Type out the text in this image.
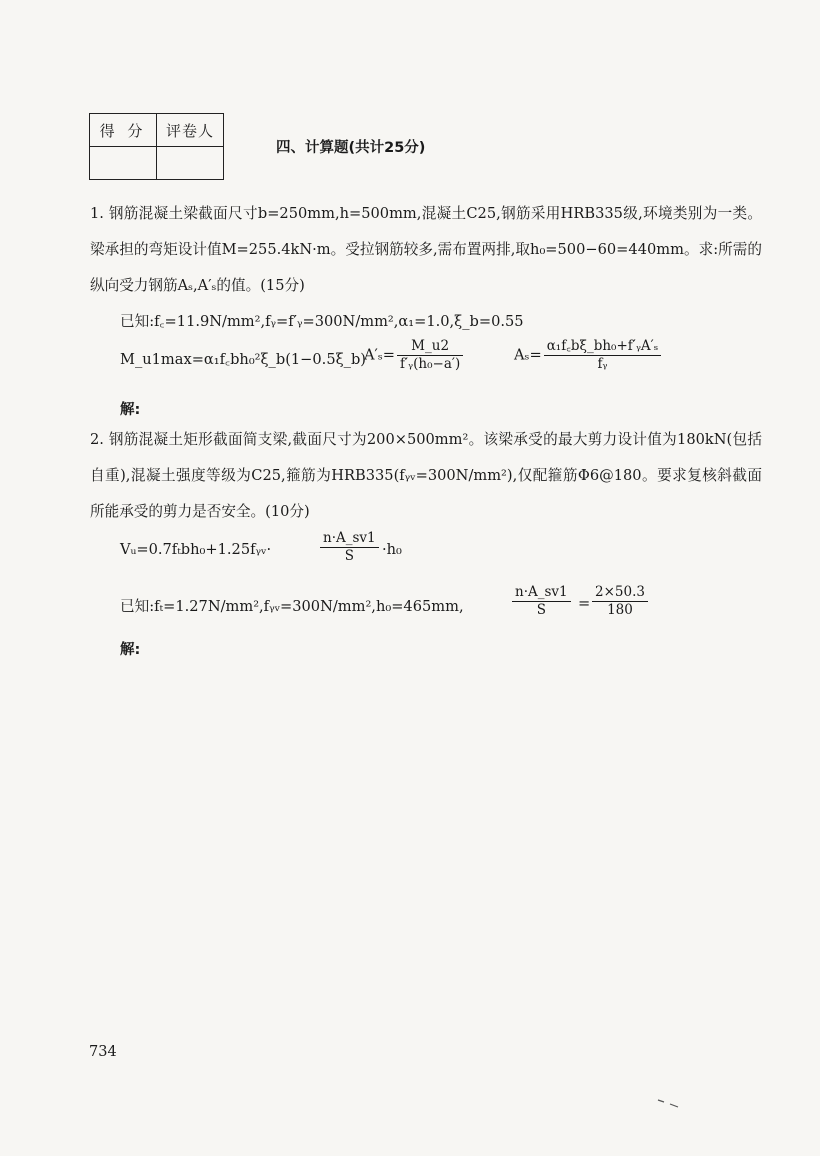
得 分	评卷人

四、计算题(共计25分)
1. 钢筋混凝土梁截面尺寸b=250mm,h=500mm,混凝土C25,钢筋采用HRB335级,环境类别为一类。梁承担的弯矩设计值M=255.4kN·m。受拉钢筋较多,需布置两排,取h₀=500−60=440mm。求:所需的纵向受力钢筋Aₛ,A′ₛ的值。(15分)
已知:f꜀=11.9N/mm²,fᵧ=f′ᵧ=300N/mm²,α₁=1.0,ξ_b=0.55
M_u1max=α₁f꜀bh₀²ξ_b(1−0.5ξ_b)
$A'_s= \frac{M\_u2}{\text{f′ᵧ(h₀−a′)}}$	$A_s= \frac{\text{α₁f꜀bξ\_bh₀+f′ᵧA′ₛ}}{\text{fᵧ}}$
解:
2. 钢筋混凝土矩形截面简支梁,截面尺寸为200×500mm²。该梁承受的最大剪力设计值为180kN(包括自重),混凝土强度等级为C25,箍筋为HRB335(fᵧᵥ=300N/mm²),仅配箍筋Φ6@180。要求复核斜截面所能承受的剪力是否安全。(10分)
Vᵤ=0.7fₜbh₀+1.25fᵧᵥ·	$\frac{n\cdot A\_sv1}{S} \cdot h_0$
已知:fₜ=1.27N/mm²,fᵧᵥ=300N/mm²,h₀=465mm,	$\frac{n\cdot A\_sv1}{S} = \frac{2\times 50.3}{180}$
解:
734
